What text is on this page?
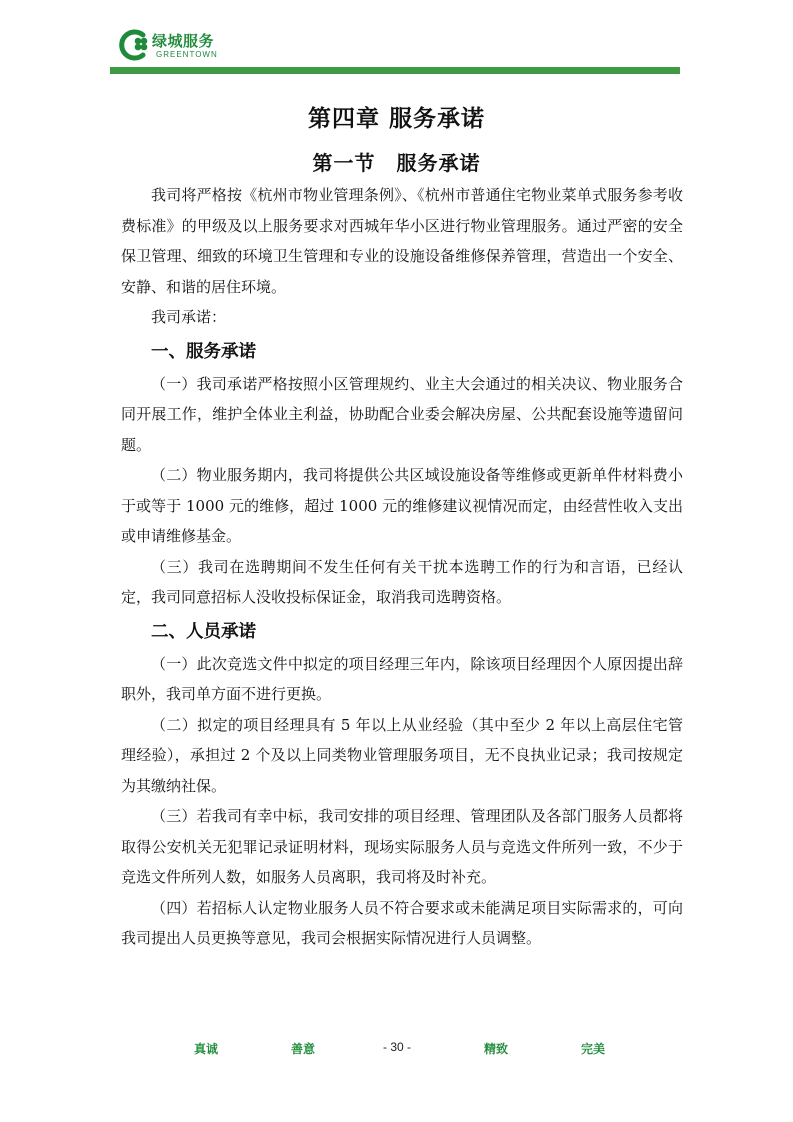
绿城服务
GREENTOWN
第四章 服务承诺
第一节　服务承诺

我司将严格按《杭州市物业管理条例》、《杭州市普通住宅物业菜单式服务参考收费标准》的甲级及以上服务要求对西城年华小区进行物业管理服务。通过严密的安全保卫管理、细致的环境卫生管理和专业的设施设备维修保养管理，营造出一个安全、安静、和谐的居住环境。

我司承诺：

一、服务承诺

（一）我司承诺严格按照小区管理规约、业主大会通过的相关决议、物业服务合同开展工作，维护全体业主利益，协助配合业委会解决房屋、公共配套设施等遗留问题。

（二）物业服务期内，我司将提供公共区域设施设备等维修或更新单件材料费小于或等于 1000 元的维修，超过 1000 元的维修建议视情况而定，由经营性收入支出或申请维修基金。

（三）我司在选聘期间不发生任何有关干扰本选聘工作的行为和言语，已经认定，我司同意招标人没收投标保证金，取消我司选聘资格。

二、人员承诺

（一）此次竞选文件中拟定的项目经理三年内，除该项目经理因个人原因提出辞职外，我司单方面不进行更换。

（二）拟定的项目经理具有 5 年以上从业经验（其中至少 2 年以上高层住宅管理经验），承担过 2 个及以上同类物业管理服务项目，无不良执业记录；我司按规定为其缴纳社保。

（三）若我司有幸中标，我司安排的项目经理、管理团队及各部门服务人员都将取得公安机关无犯罪记录证明材料，现场实际服务人员与竞选文件所列一致，不少于竞选文件所列人数，如服务人员离职，我司将及时补充。

（四）若招标人认定物业服务人员不符合要求或未能满足项目实际需求的，可向我司提出人员更换等意见，我司会根据实际情况进行人员调整。

真诚	善意	- 30 -	精致	完美
